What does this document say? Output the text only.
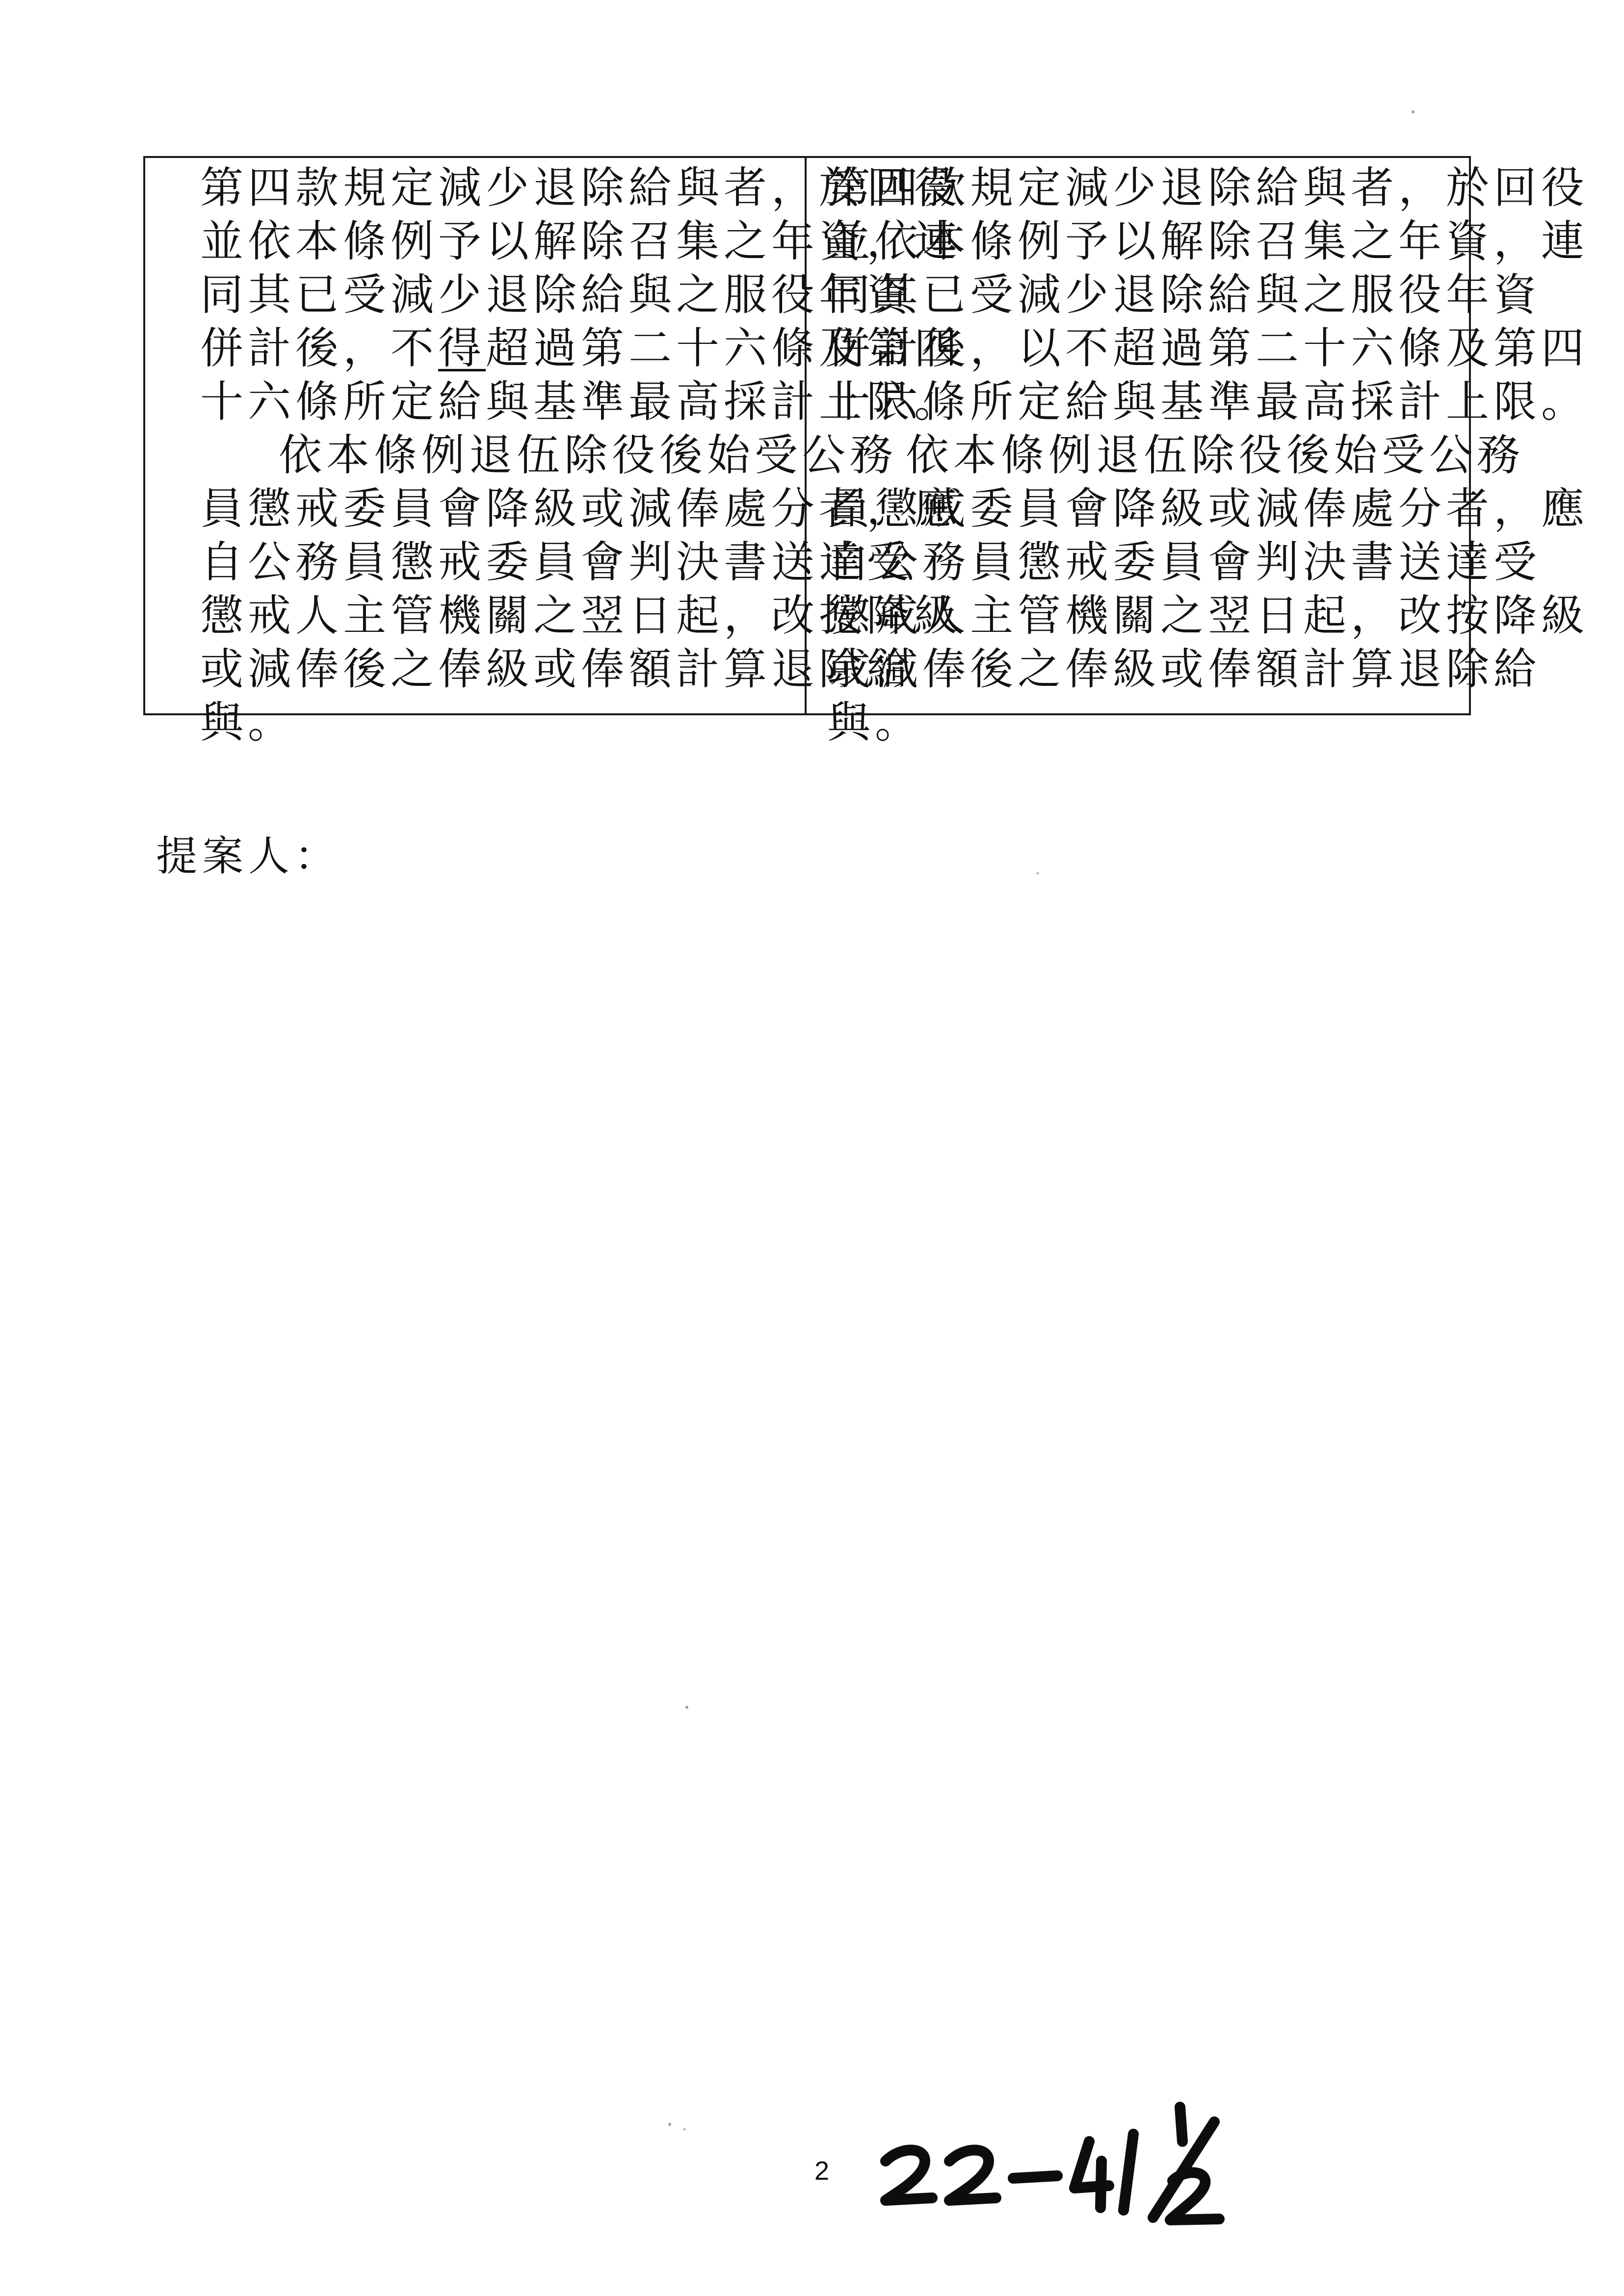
第四款規定減少退除給與者，於回役
並依本條例予以解除召集之年資，連
同其已受減少退除給與之服役年資
併計後，不得超過第二十六條及第四
十六條所定給與基準最高採計上限。
依本條例退伍除役後始受公務
員懲戒委員會降級或減俸處分者，應
自公務員懲戒委員會判決書送達受
懲戒人主管機關之翌日起，改按降級
或減俸後之俸級或俸額計算退除給
與。
第四款規定減少退除給與者，於回役
並依本條例予以解除召集之年資，連
同其已受減少退除給與之服役年資
併計後，以不超過第二十六條及第四
十六條所定給與基準最高採計上限。
依本條例退伍除役後始受公務
員懲戒委員會降級或減俸處分者，應
自公務員懲戒委員會判決書送達受
懲戒人主管機關之翌日起，改按降級
或減俸後之俸級或俸額計算退除給
與。
提案人：
2
